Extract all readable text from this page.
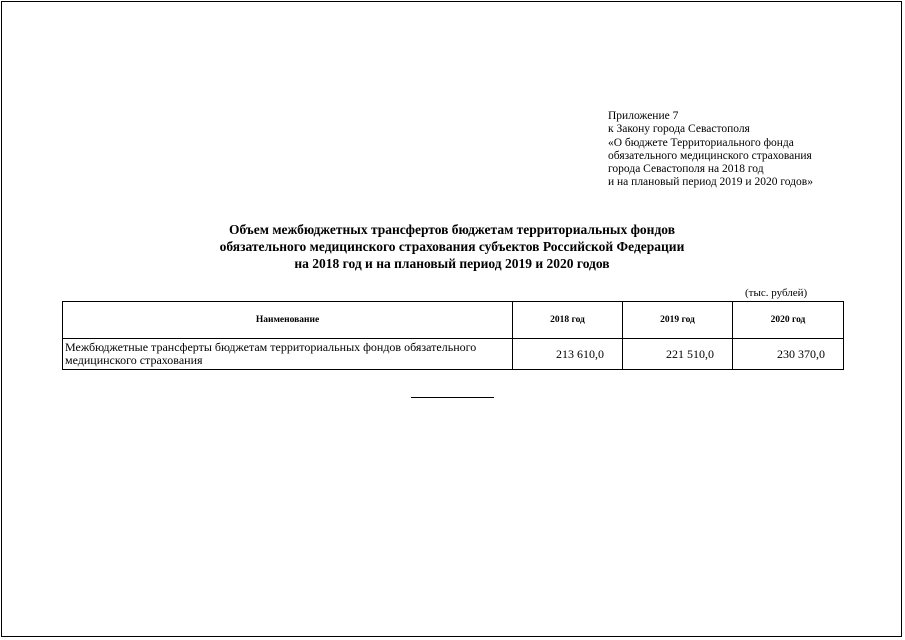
Приложение 7
к Закону города Севастополя
«О бюджете Территориального фонда
обязательного медицинского страхования
города Севастополя на 2018 год
и на плановый период 2019 и 2020 годов»
Объем межбюджетных трансфертов бюджетам территориальных фондов
обязательного медицинского страхования субъектов Российской Федерации
на 2018 год и на плановый период 2019 и 2020 годов
(тыс. рублей)
Наименование	2018 год	2019 год	2020 год
Межбюджетные трансферты бюджетам территориальных фондов обязательного медицинского страхования	213 610,0	221 510,0	230 370,0
